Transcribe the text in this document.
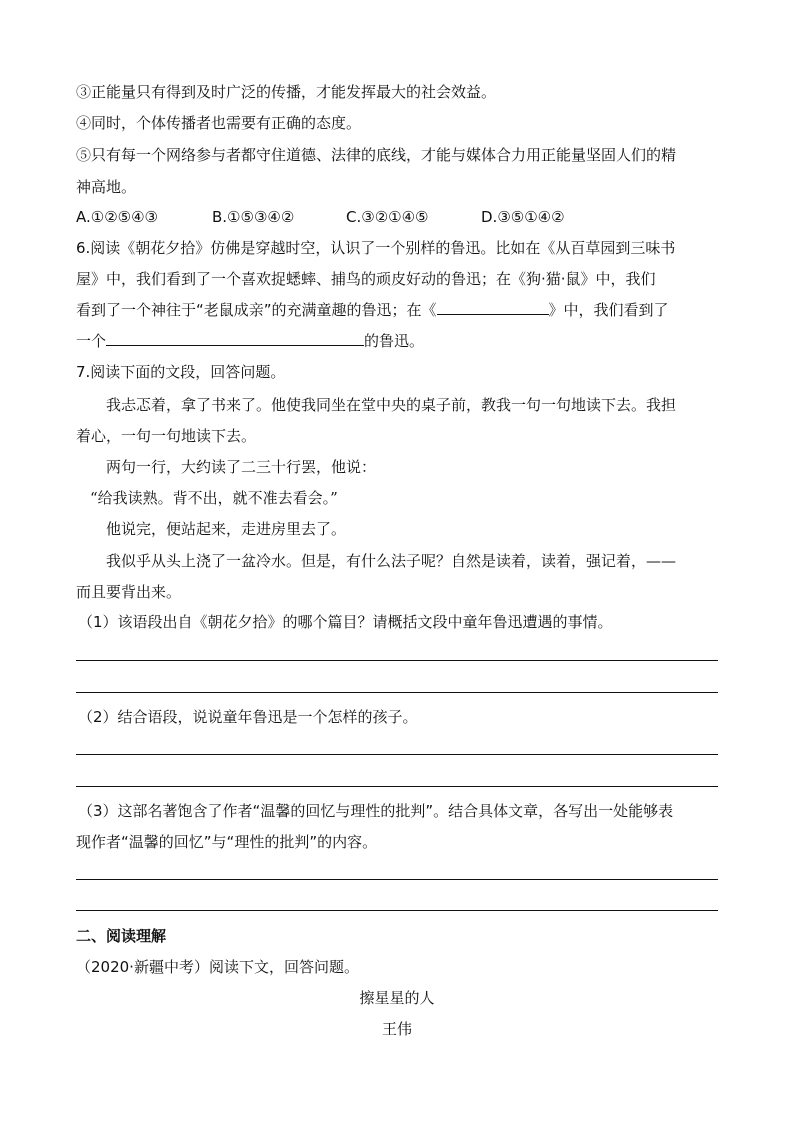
③正能量只有得到及时广泛的传播，才能发挥最大的社会效益。
④同时，个体传播者也需要有正确的态度。
⑤只有每一个网络参与者都守住道德、法律的底线，才能与媒体合力用正能量坚固人们的精
神高地。
A.①②⑤④③	B.①⑤③④②	C.③②①④⑤	D.③⑤①④②
6.阅读《朝花夕拾》仿佛是穿越时空，认识了一个别样的鲁迅。比如在《从百草园到三味书
屋》中，我们看到了一个喜欢捉蟋蟀、捕鸟的顽皮好动的鲁迅；在《狗·猫·鼠》中，我们
看到了一个神往于“老鼠成亲”的充满童趣的鲁迅；在《	》中，我们看到了
一个	的鲁迅。
7.阅读下面的文段，回答问题。
我忐忑着，拿了书来了。他使我同坐在堂中央的桌子前，教我一句一句地读下去。我担
着心，一句一句地读下去。
两句一行，大约读了二三十行罢，他说：
“给我读熟。背不出，就不准去看会。”
他说完，便站起来，走进房里去了。
我似乎从头上浇了一盆冷水。但是，有什么法子呢？自然是读着，读着，强记着，——
而且要背出来。
（1）该语段出自《朝花夕拾》的哪个篇目？请概括文段中童年鲁迅遭遇的事情。
（2）结合语段，说说童年鲁迅是一个怎样的孩子。
（3）这部名著饱含了作者“温馨的回忆与理性的批判”。结合具体文章，各写出一处能够表
现作者“温馨的回忆”与“理性的批判”的内容。
二、阅读理解
（2020·新疆中考）阅读下文，回答问题。
擦星星的人
王伟
